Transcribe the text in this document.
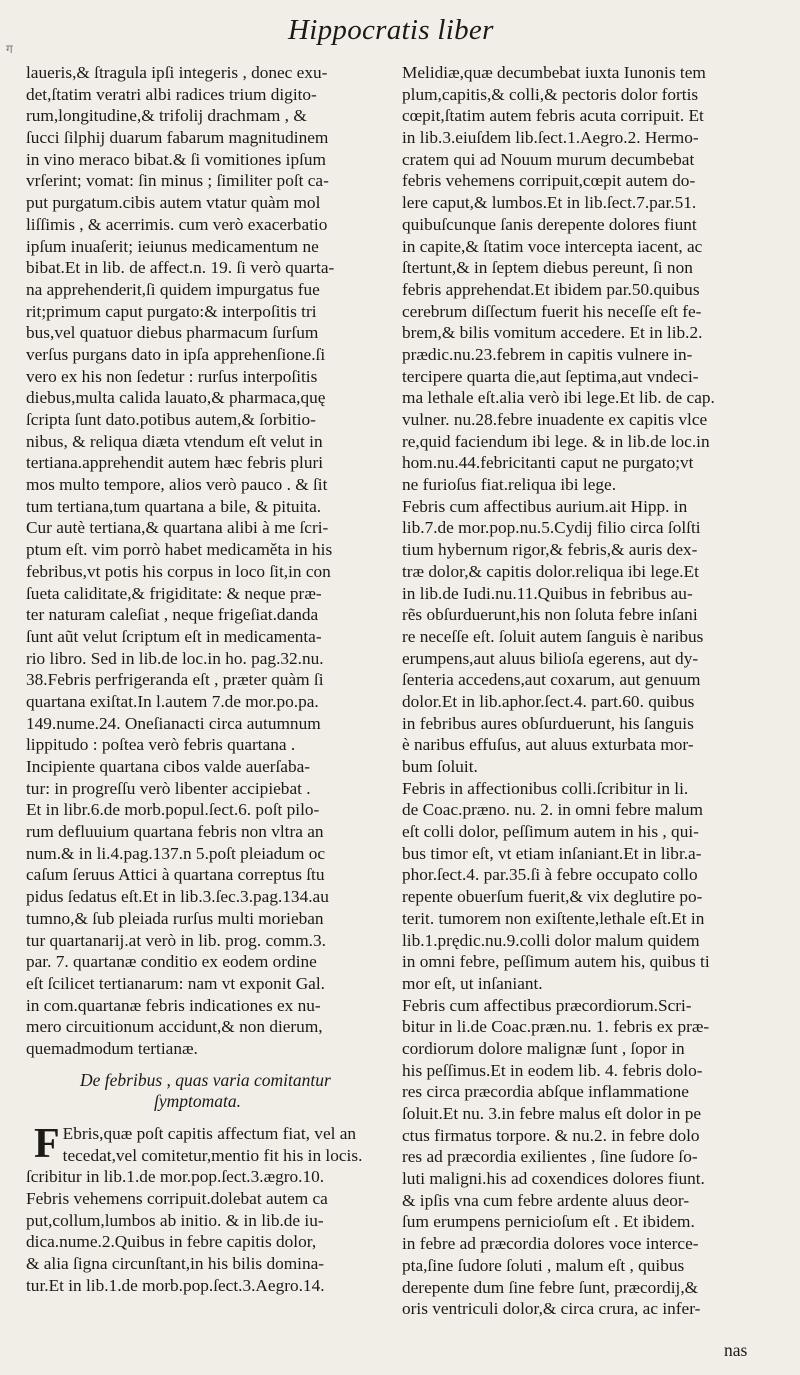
ग
Hippocratis liber
laueris,& ſtragula ipſi integeris , donec exu-
det,ſtatim veratri albi radices trium digito-
rum,longitudine,& trifolij drachmam , &
ſucci ſilphij duarum fabarum magnitudinem
in vino meraco bibat.& ſi vomitiones ipſum
vrſerint; vomat: ſin minus ; ſimiliter poſt ca-
put purgatum.cibis autem vtatur quàm mol
liſſimis , & acerrimis. cum verò exacerbatio
ipſum inuaſerit; ieiunus medicamentum ne
bibat.Et in lib. de affect.n. 19. ſi verò quarta-
na apprehenderit,ſi quidem impurgatus fue
rit;primum caput purgato:& interpoſitis tri
bus,vel quatuor diebus pharmacum ſurſum
verſus purgans dato in ipſa apprehenſione.ſi
vero ex his non ſedetur : rurſus interpoſitis
diebus,multa calida lauato,& pharmaca,quę
ſcripta ſunt dato.potibus autem,& ſorbitio-
nibus, & reliqua diæta vtendum eſt velut in
tertiana.apprehendit autem hæc febris pluri
mos multo tempore, alios verò pauco . & ſit
tum tertiana,tum quartana a bile, & pituita.
Cur autè tertiana,& quartana alibi à me ſcri-
ptum eſt. vim porrò habet medicaměta in his
febribus,vt potis his corpus in loco ſit,in con
ſueta caliditate,& frigiditate: & neque præ-
ter naturam caleſiat , neque frigeſiat.danda
ſunt aũt velut ſcriptum eſt in medicamenta-
rio libro. Sed in lib.de loc.in ho. pag.32.nu.
38.Febris perfrigeranda eſt , præter quàm ſi
quartana exiſtat.In l.autem 7.de mor.po.pa.
149.nume.24. Oneſianacti circa autumnum
lippitudo : poſtea verò febris quartana .
Incipiente quartana cibos valde auerſaba-
tur: in progreſſu verò libenter accipiebat .
Et in libr.6.de morb.popul.ſect.6. poſt pilo-
rum defluuium quartana febris non vltra an
num.& in li.4.pag.137.n 5.poſt pleiadum oc
caſum ſeruus Attici à quartana correptus ſtu
pidus ſedatus eſt.Et in lib.3.ſec.3.pag.134.au
tumno,& ſub pleiada rurſus multi morieban
tur quartanarij.at verò in lib. prog. comm.3.
par. 7. quartanæ conditio ex eodem ordine
eſt ſcilicet tertianarum: nam vt exponit Gal.
in com.quartanæ febris indicationes ex nu-
mero circuitionum accidunt,& non dierum,
quemadmodum tertianæ.
De febribus , quas varia comitantur
ſymptomata.
F Ebris,quæ poſt capitis affectum fiat, vel an
tecedat,vel comitetur,mentio fit his in locis.
ſcribitur in lib.1.de mor.pop.ſect.3.ægro.10.
Febris vehemens corripuit.dolebat autem ca
put,collum,lumbos ab initio. & in lib.de iu-
dica.nume.2.Quibus in febre capitis dolor,
& alia ſigna circunſtant,in his bilis domina-
tur.Et in lib.1.de morb.pop.ſect.3.Aegro.14.
Melidiæ,quæ decumbebat iuxta Iunonis tem
plum,capitis,& colli,& pectoris dolor fortis
cœpit,ſtatim autem febris acuta corripuit. Et
in lib.3.eiuſdem lib.ſect.1.Aegro.2. Hermo-
cratem qui ad Nouum murum decumbebat
febris vehemens corripuit,cœpit autem do-
lere caput,& lumbos.Et in lib.ſect.7.par.51.
quibuſcunque ſanis derepente dolores fiunt
in capite,& ſtatim voce intercepta iacent, ac
ſtertunt,& in ſeptem diebus pereunt, ſi non
febris apprehendat.Et ibidem par.50.quibus
cerebrum diſſectum fuerit his neceſſe eſt fe-
brem,& bilis vomitum accedere. Et in lib.2.
prædic.nu.23.febrem in capitis vulnere in-
tercipere quarta die,aut ſeptima,aut vndeci-
ma lethale eſt.alia verò ibi lege.Et lib. de cap.
vulner. nu.28.febre inuadente ex capitis vlce
re,quid faciendum ibi lege. & in lib.de loc.in
hom.nu.44.febricitanti caput ne purgato;vt
ne furioſus fiat.reliqua ibi lege.
Febris cum affectibus aurium.ait Hipp. in
lib.7.de mor.pop.nu.5.Cydij filio circa ſolſti
tium hybernum rigor,& febris,& auris dex-
træ dolor,& capitis dolor.reliqua ibi lege.Et
in lib.de Iudi.nu.11.Quibus in febribus au-
rẽs obſurduerunt,his non ſoluta febre inſani
re neceſſe eſt. ſoluit autem ſanguis è naribus
erumpens,aut aluus bilioſa egerens, aut dy-
ſenteria accedens,aut coxarum, aut genuum
dolor.Et in lib.aphor.ſect.4. part.60. quibus
in febribus aures obſurduerunt, his ſanguis
è naribus effuſus, aut aluus exturbata mor-
bum ſoluit.
Febris in affectionibus colli.ſcribitur in li.
de Coac.præno. nu. 2. in omni febre malum
eſt colli dolor, peſſimum autem in his , qui-
bus timor eſt, vt etiam inſaniant.Et in libr.a-
phor.ſect.4. par.35.ſi à febre occupato collo
repente obuerſum fuerit,& vix deglutire po-
terit. tumorem non exiſtente,lethale eſt.Et in
lib.1.prędic.nu.9.colli dolor malum quidem
in omni febre, peſſimum autem his, quibus ti
mor eſt, ut inſaniant.
Febris cum affectibus præcordiorum.Scri-
bitur in li.de Coac.præn.nu. 1. febris ex præ-
cordiorum dolore malignæ ſunt , ſopor in
his peſſimus.Et in eodem lib. 4. febris dolo-
res circa præcordia abſque inflammatione
ſoluit.Et nu. 3.in febre malus eſt dolor in pe
ctus firmatus torpore. & nu.2. in febre dolo
res ad præcordia exilientes , ſine ſudore ſo-
luti maligni.his ad coxendices dolores fiunt.
& ipſis vna cum febre ardente aluus deor-
ſum erumpens pernicioſum eſt . Et ibidem.
in febre ad præcordia dolores voce interce-
pta,ſine ſudore ſoluti , malum eſt , quibus
derepente dum ſine febre ſunt, præcordij,&
oris ventriculi dolor,& circa crura, ac infer-
nas
